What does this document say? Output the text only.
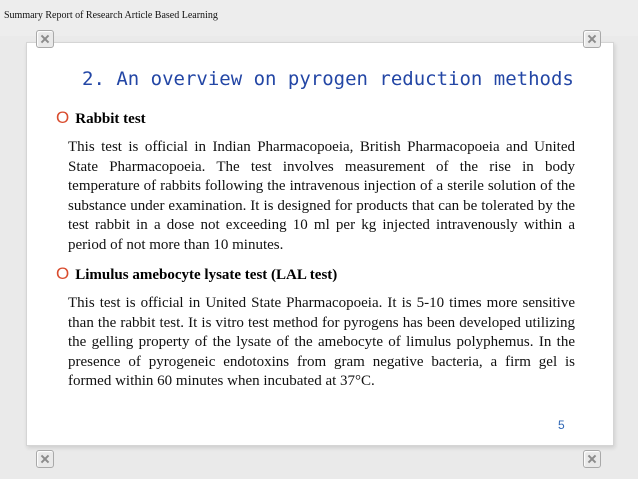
Summary Report of Research Article Based Learning
2. An overview on pyrogen reduction methods
O Rabbit test
This test is official in Indian Pharmacopoeia, British Pharmacopoeia and United State Pharmacopoeia. The test involves measurement of the rise in body temperature of rabbits following the intravenous injection of a sterile solution of the substance under examination. It is designed for products that can be tolerated by the test rabbit in a dose not exceeding 10 ml per kg injected intravenously within a period of not more than 10 minutes.
O Limulus amebocyte lysate test (LAL test)
This test is official in United State Pharmacopoeia. It is 5-10 times more sensitive than the rabbit test. It is vitro test method for pyrogens has been developed utilizing the gelling property of the lysate of the amebocyte of limulus polyphemus. In the presence of pyrogeneic endotoxins from gram negative bacteria, a firm gel is formed within 60 minutes when incubated at 37°C.
5
